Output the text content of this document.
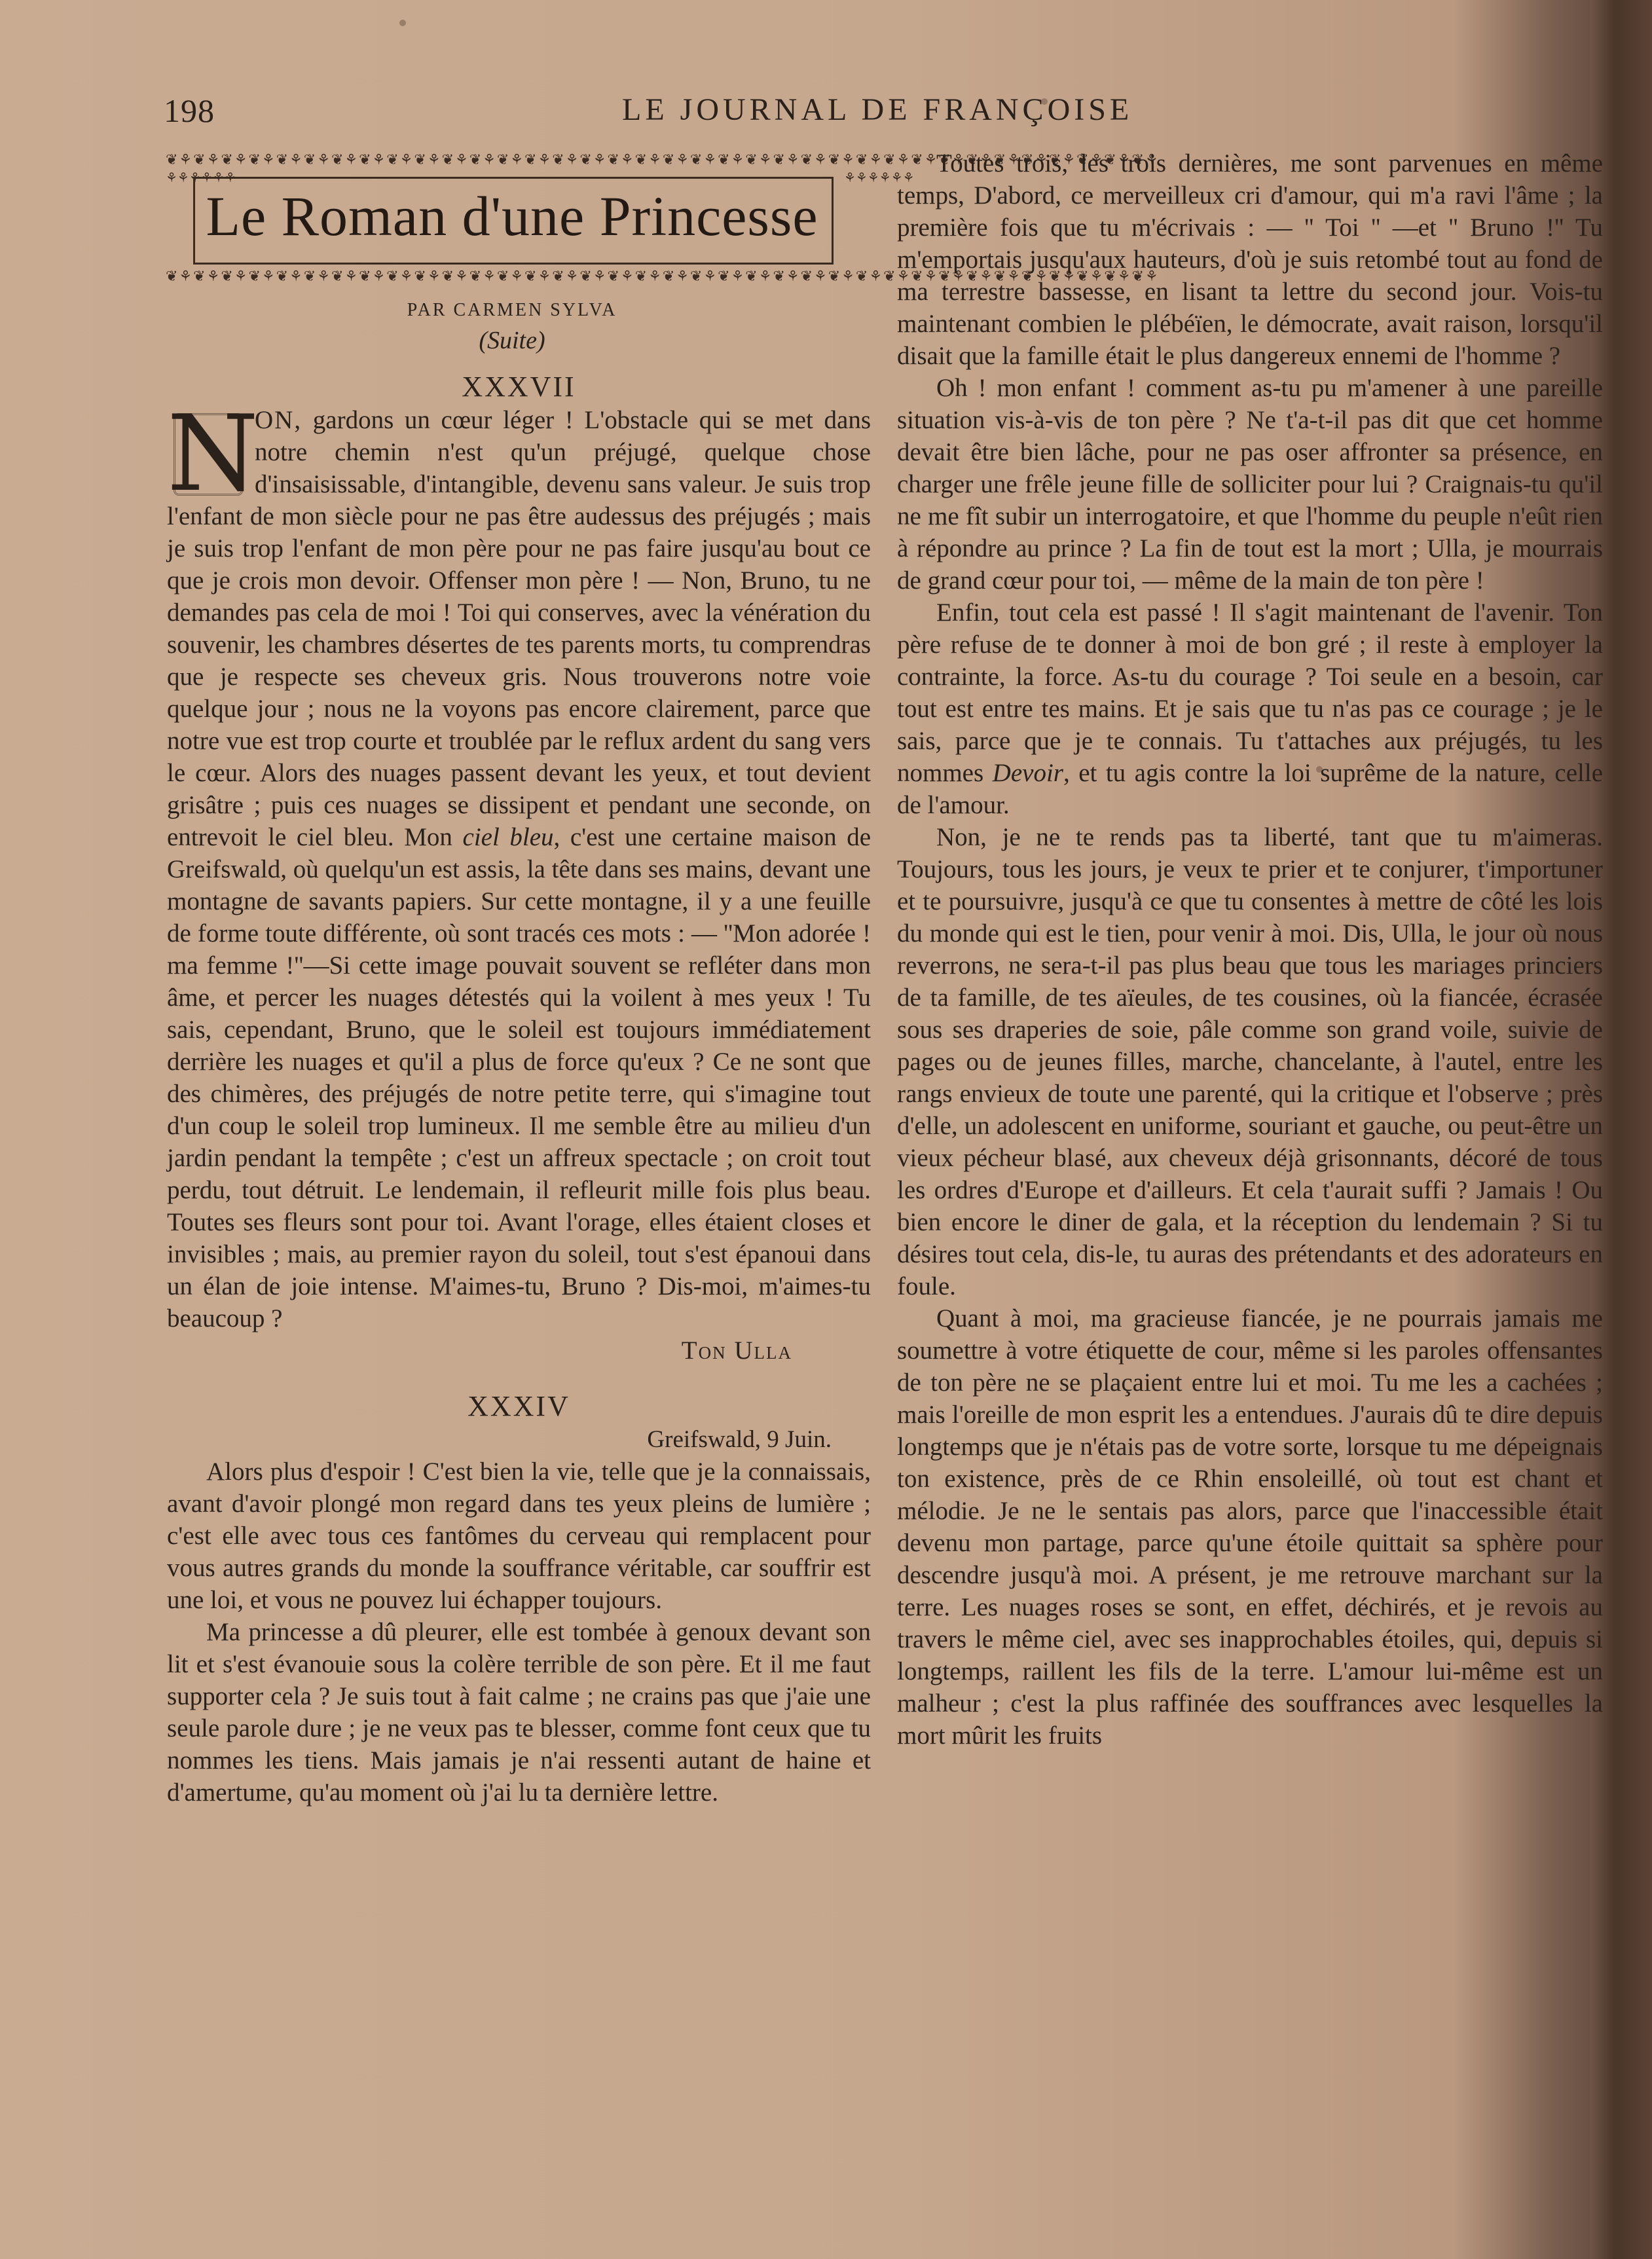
198	LE JOURNAL DE FRANÇOISE
❦⚘❦⚘❦⚘❦⚘❦⚘❦⚘❦⚘❦⚘❦⚘❦⚘❦⚘❦⚘❦⚘❦⚘❦⚘❦⚘❦⚘❦⚘❦⚘❦⚘❦⚘❦⚘❦⚘❦⚘❦⚘❦⚘❦⚘❦⚘❦⚘❦⚘❦⚘❦⚘❦⚘❦⚘❦⚘❦⚘
❦⚘❦⚘❦⚘❦⚘❦⚘❦⚘❦⚘❦⚘❦⚘❦⚘❦⚘❦⚘❦⚘❦⚘❦⚘❦⚘❦⚘❦⚘❦⚘❦⚘❦⚘❦⚘❦⚘❦⚘❦⚘❦⚘❦⚘❦⚘❦⚘❦⚘❦⚘❦⚘❦⚘❦⚘❦⚘❦⚘
⚘⚘⚘⚘⚘⚘	⚘⚘⚘⚘⚘⚘
Le Roman d'une Princesse
PAR CARMEN SYLVA
(Suite)
XXXVII

N
ON, gardons un cœur léger ! L'obstacle qui se met dans notre chemin n'est qu'un préjugé, quelque chose d'insaisissable, d'intangible, devenu sans valeur. Je suis trop l'enfant de mon siècle pour ne pas être audessus des préjugés ; mais je suis trop l'enfant de mon père pour ne pas faire jusqu'au bout ce que je crois mon devoir. Offenser mon père ! — Non, Bruno, tu ne demandes pas cela de moi ! Toi qui conserves, avec la vénération du souvenir, les chambres désertes de tes parents morts, tu comprendras que je respecte ses cheveux gris. Nous trouverons notre voie quelque jour ; nous ne la voyons pas encore clairement, parce que notre vue est trop courte et troublée par le reflux ardent du sang vers le cœur. Alors des nuages passent devant les yeux, et tout devient grisâtre ; puis ces nuages se dissipent et pendant une seconde, on entrevoit le ciel bleu. Mon ciel bleu, c'est une certaine maison de Greifswald, où quelqu'un est assis, la tête dans ses mains, devant une montagne de savants papiers. Sur cette montagne, il y a une feuille de forme toute différente, où sont tracés ces mots : — ''Mon adorée ! ma femme !''—Si cette image pouvait souvent se refléter dans mon âme, et percer les nuages détestés qui la voilent à mes yeux ! Tu sais, cependant, Bruno, que le soleil est toujours immédiatement derrière les nuages et qu'il a plus de force qu'eux ? Ce ne sont que des chimères, des préjugés de notre petite terre, qui s'imagine tout d'un coup le soleil trop lumineux. Il me semble être au milieu d'un jardin pendant la tempête ; c'est un affreux spectacle ; on croit tout perdu, tout détruit. Le lendemain, il refleurit mille fois plus beau. Toutes ses fleurs sont pour toi. Avant l'orage, elles étaient closes et invisibles ; mais, au premier rayon du soleil, tout s'est épanoui dans un élan de joie intense. M'aimes-tu, Bruno ? Dis-moi, m'aimes-tu beaucoup ?

Ton Ulla
XXXIV
Greifswald, 9 Juin.

Alors plus d'espoir ! C'est bien la vie, telle que je la connaissais, avant d'avoir plongé mon regard dans tes yeux pleins de lumière ; c'est elle avec tous ces fantômes du cerveau qui remplacent pour vous autres grands du monde la souffrance véritable, car souffrir est une loi, et vous ne pouvez lui échapper toujours.

Ma princesse a dû pleurer, elle est tombée à genoux devant son lit et s'est évanouie sous la colère terrible de son père. Et il me faut supporter cela ? Je suis tout à fait calme ; ne crains pas que j'aie une seule parole dure ; je ne veux pas te blesser, comme font ceux que tu nommes les tiens. Mais jamais je n'ai ressenti autant de haine et d'amertume, qu'au moment où j'ai lu ta dernière lettre.

Toutes trois, les trois dernières, me sont parvenues en même temps, D'abord, ce merveilleux cri d'amour, qui m'a ravi l'âme ; la première fois que tu m'écrivais : — '' Toi '' —et '' Bruno !'' Tu m'emportais jusqu'aux hauteurs, d'où je suis retombé tout au fond de ma terrestre bassesse, en lisant ta lettre du second jour. Vois-tu maintenant combien le plébéïen, le démocrate, avait raison, lorsqu'il disait que la famille était le plus dangereux ennemi de l'homme ?

Oh ! mon enfant ! comment as-tu pu m'amener à une pareille situation vis-à-vis de ton père ? Ne t'a-t-il pas dit que cet homme devait être bien lâche, pour ne pas oser affronter sa présence, en charger une frêle jeune fille de solliciter pour lui ? Craignais-tu qu'il ne me fît subir un interrogatoire, et que l'homme du peuple n'eût rien à répondre au prince ? La fin de tout est la mort ; Ulla, je mourrais de grand cœur pour toi, — même de la main de ton père !

Enfin, tout cela est passé ! Il s'agit maintenant de l'avenir. Ton père refuse de te donner à moi de bon gré ; il reste à employer la contrainte, la force. As-tu du courage ? Toi seule en a besoin, car tout est entre tes mains. Et je sais que tu n'as pas ce courage ; je le sais, parce que je te connais. Tu t'attaches aux préjugés, tu les nommes Devoir, et tu agis contre la loi suprême de la nature, celle de l'amour.

Non, je ne te rends pas ta liberté, tant que tu m'aimeras. Toujours, tous les jours, je veux te prier et te conjurer, t'importuner et te poursuivre, jusqu'à ce que tu consentes à mettre de côté les lois du monde qui est le tien, pour venir à moi. Dis, Ulla, le jour où nous reverrons, ne sera-t-il pas plus beau que tous les mariages princiers de ta famille, de tes aïeules, de tes cousines, où la fiancée, écrasée sous ses draperies de soie, pâle comme son grand voile, suivie de pages ou de jeunes filles, marche, chancelante, à l'autel, entre les rangs envieux de toute une parenté, qui la critique et l'observe ; près d'elle, un adolescent en uniforme, souriant et gauche, ou peut-être un vieux pécheur blasé, aux cheveux déjà grisonnants, décoré de tous les ordres d'Europe et d'ailleurs. Et cela t'aurait suffi ? Jamais ! Ou bien encore le diner de gala, et la réception du lendemain ? Si tu désires tout cela, dis-le, tu auras des prétendants et des adorateurs en foule.

Quant à moi, ma gracieuse fiancée, je ne pourrais jamais me soumettre à votre étiquette de cour, même si les paroles offensantes de ton père ne se plaçaient entre lui et moi. Tu me les a cachées ; mais l'oreille de mon esprit les a entendues. J'aurais dû te dire depuis longtemps que je n'étais pas de votre sorte, lorsque tu me dépeignais ton existence, près de ce Rhin ensoleillé, où tout est chant et mélodie. Je ne le sentais pas alors, parce que l'inaccessible était devenu mon partage, parce qu'une étoile quittait sa sphère pour descendre jusqu'à moi. A présent, je me retrouve marchant sur la terre. Les nuages roses se sont, en effet, déchirés, et je revois au travers le même ciel, avec ses inapprochables étoiles, qui, depuis si longtemps, raillent les fils de la terre. L'amour lui-même est un malheur ; c'est la plus raffinée des souffrances avec lesquelles la mort mûrit les fruits
